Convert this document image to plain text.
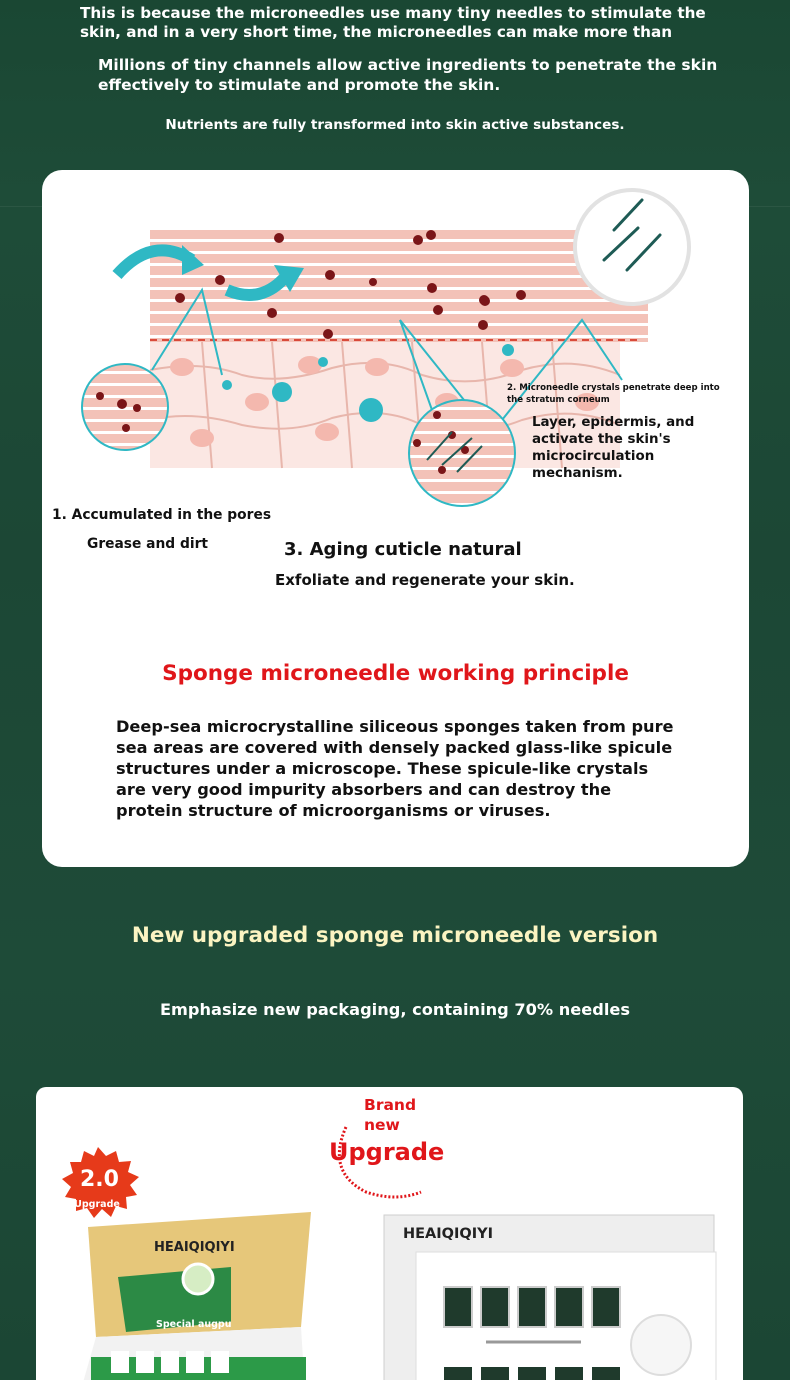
This is because the microneedles use many tiny needles to stimulate the skin, and in a very short time, the microneedles can make more than

Millions of tiny channels allow active ingredients to penetrate the skin effectively to stimulate and promote the skin.

Nutrients are fully transformed into skin active substances.

1. Accumulated in the pores
Grease and dirt	3. Aging cuticle natural
Exfoliate and regenerate your skin.
2. Microneedle crystals penetrate deep into the stratum corneum
Layer, epidermis, and activate the skin's microcirculation mechanism.
Sponge microneedle working principle

Deep-sea microcrystalline siliceous sponges taken from pure sea areas are covered with densely packed glass-like spicule structures under a microscope. These spicule-like crystals are very good impurity absorbers and can destroy the protein structure of microorganisms or viruses.

New upgraded sponge microneedle version

Emphasize new packaging, containing 70% needles

Brand new
Upgrade
2.0
Upgrade
HEAIQIQIYI
HEAIQIQIYI
Special augpu
